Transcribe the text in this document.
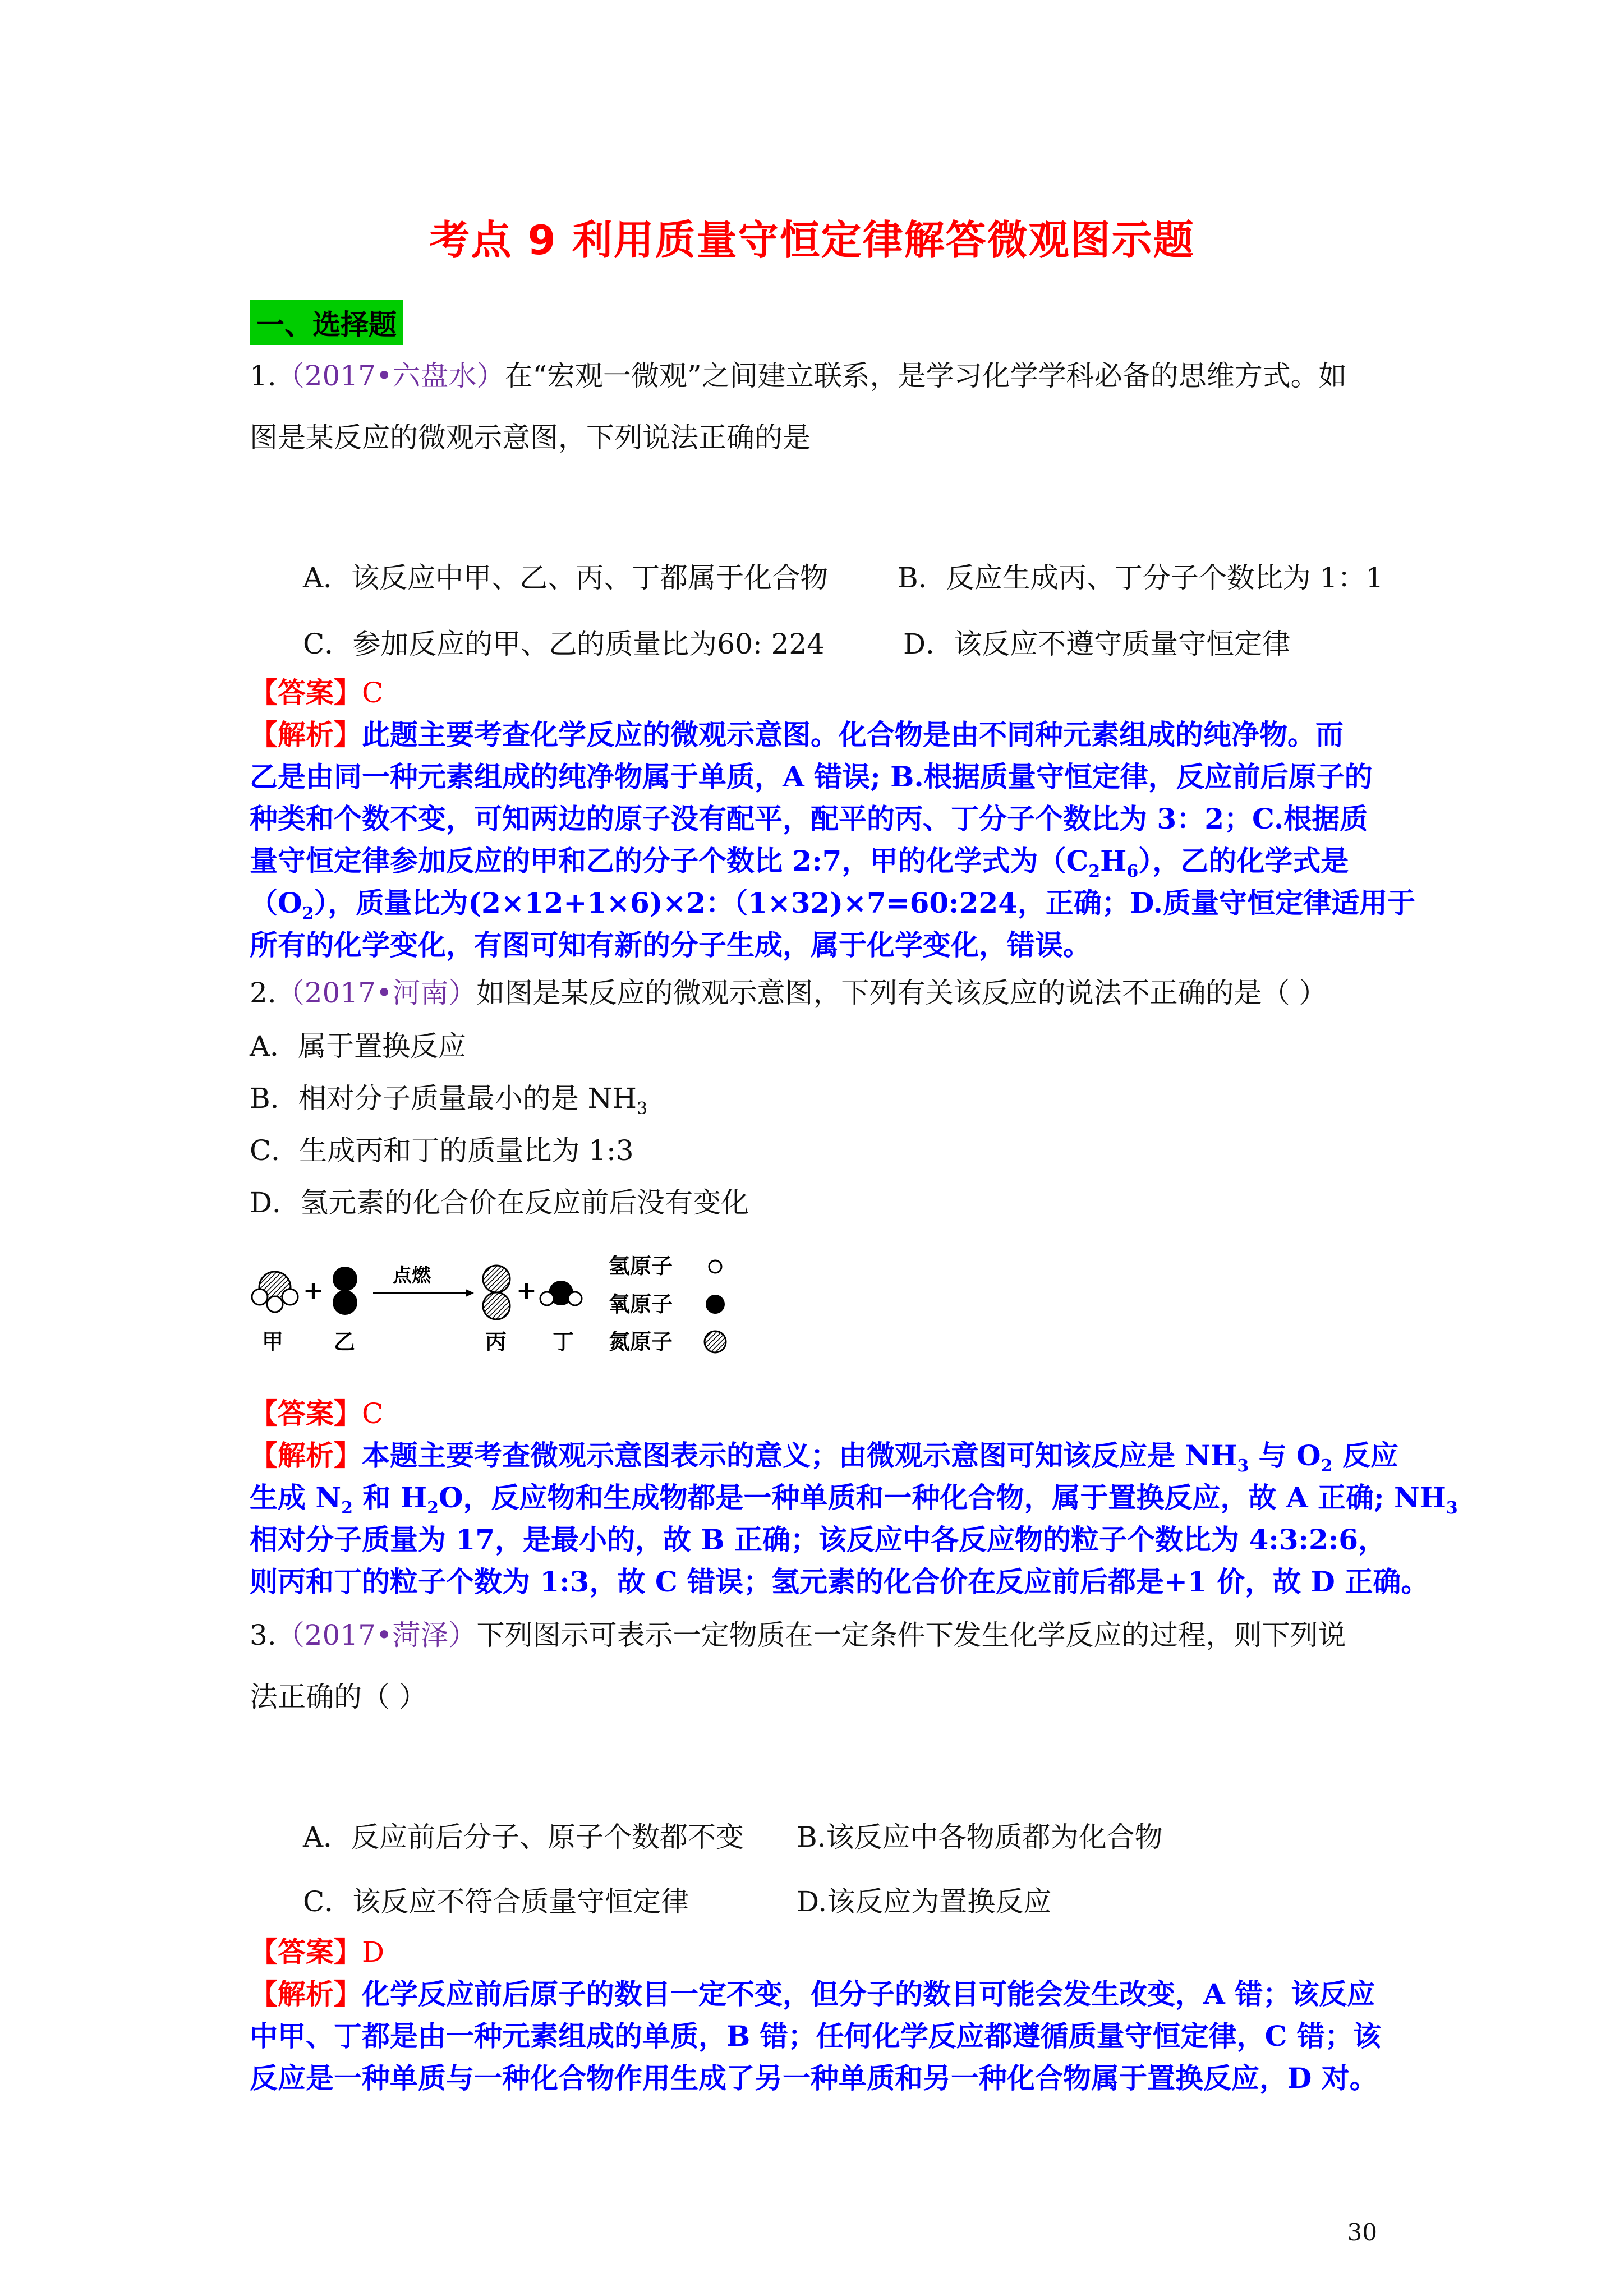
考点 9 利用质量守恒定律解答微观图示题
一、选择题
1.（2017•六盘水）在“宏观一微观”之间建立联系，是学习化学学科必备的思维方式。如
图是某反应的微观示意图，下列说法正确的是
A．该反应中甲、乙、丙、丁都属于化合物 B．反应生成丙、丁分子个数比为 1：1
C．参加反应的甲、乙的质量比为60: 224	D．该反应不遵守质量守恒定律
【答案】C
【解析】此题主要考查化学反应的微观示意图。化合物是由不同种元素组成的纯净物。而
乙是由同一种元素组成的纯净物属于单质，A 错误; B.根据质量守恒定律，反应前后原子的
种类和个数不变，可知两边的原子没有配平，配平的丙、丁分子个数比为 3：2；C.根据质
量守恒定律参加反应的甲和乙的分子个数比 2:7，甲的化学式为$(C_2H_6)$，乙的化学式是
$(O_2)$，质量比为(2×12+1×6)×2：（1×32)×7=60:224，正确；D.质量守恒定律适用于
所有的化学变化，有图可知有新的分子生成，属于化学变化，错误。
2.（2017•河南）如图是某反应的微观示意图，下列有关该反应的说法不正确的是（ ）
A．属于置换反应
B．相对分子质量最小的是 $NH_3$
C．生成丙和丁的质量比为 1:3
D．氢元素的化合价在反应前后没有变化
+
点燃
+
甲 乙	丙 丁
氢原子
氧原子
氮原子
【答案】C
【解析】本题主要考查微观示意图表示的意义；由微观示意图可知该反应是 $NH_3$ 与 $O_2$ 反应
生成 $N_2$ 和 $H_2O$，反应物和生成物都是一种单质和一种化合物，属于置换反应，故 A 正确; $NH_3$
相对分子质量为 17，是最小的，故 B 正确；该反应中各反应物的粒子个数比为 4:3:2:6，
则丙和丁的粒子个数为 1:3，故 C 错误；氢元素的化合价在反应前后都是+1 价，故 D 正确。
3.（2017•菏泽）下列图示可表示一定物质在一定条件下发生化学反应的过程，则下列说
法正确的（ ）
A．反应前后分子、原子个数都不变 B.该反应中各物质都为化合物
C．该反应不符合质量守恒定律	D.该反应为置换反应
【答案】D
【解析】化学反应前后原子的数目一定不变，但分子的数目可能会发生改变，A 错；该反应
中甲、丁都是由一种元素组成的单质，B 错；任何化学反应都遵循质量守恒定律，C 错；该
反应是一种单质与一种化合物作用生成了另一种单质和另一种化合物属于置换反应，D 对。
30
